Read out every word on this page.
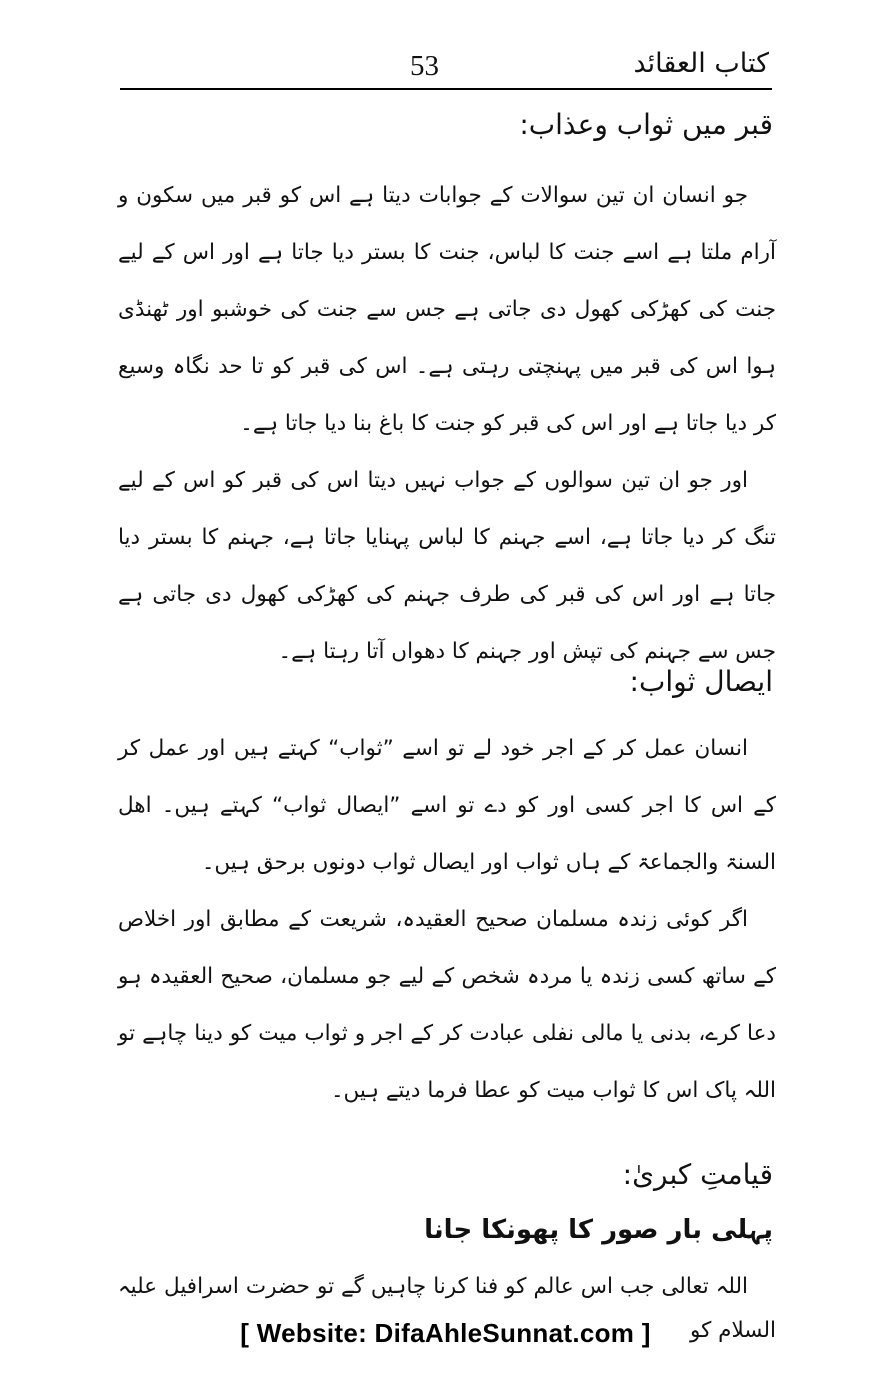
کتاب العقائد
53
قبر میں ثواب وعذاب:

جو انسان ان تین سوالات کے جوابات دیتا ہے اس کو قبر میں سکون و آرام ملتا ہے اسے جنت کا لباس، جنت کا بستر دیا جاتا ہے اور اس کے لیے جنت کی کھڑکی کھول دی جاتی ہے جس سے جنت کی خوشبو اور ٹھنڈی ہوا اس کی قبر میں پہنچتی رہتی ہے۔ اس کی قبر کو تا حد نگاہ وسیع کر دیا جاتا ہے اور اس کی قبر کو جنت کا باغ بنا دیا جاتا ہے۔

اور جو ان تین سوالوں کے جواب نہیں دیتا اس کی قبر کو اس کے لیے تنگ کر دیا جاتا ہے، اسے جہنم کا لباس پہنایا جاتا ہے، جہنم کا بستر دیا جاتا ہے اور اس کی قبر کی طرف جہنم کی کھڑکی کھول دی جاتی ہے جس سے جہنم کی تپش اور جہنم کا دھواں آتا رہتا ہے۔

ایصال ثواب:

انسان عمل کر کے اجر خود لے تو اسے ”ثواب“ کہتے ہیں اور عمل کر کے اس کا اجر کسی اور کو دے تو اسے ”ایصال ثواب“ کہتے ہیں۔ اھل السنۃ والجماعۃ کے ہاں ثواب اور ایصال ثواب دونوں برحق ہیں۔

اگر کوئی زندہ مسلمان صحیح العقیدہ، شریعت کے مطابق اور اخلاص کے ساتھ کسی زندہ یا مردہ شخص کے لیے جو مسلمان، صحیح العقیدہ ہو دعا کرے، بدنی یا مالی نفلی عبادت کر کے اجر و ثواب میت کو دینا چاہے تو اللہ پاک اس کا ثواب میت کو عطا فرما دیتے ہیں۔

قیامتِ کبریٰ:
پہلی بار صور کا پھونکا جانا

اللہ تعالی جب اس عالم کو فنا کرنا چاہیں گے تو حضرت اسرافیل علیہ السلام کو

[ Website: DifaAhleSunnat.com ]
